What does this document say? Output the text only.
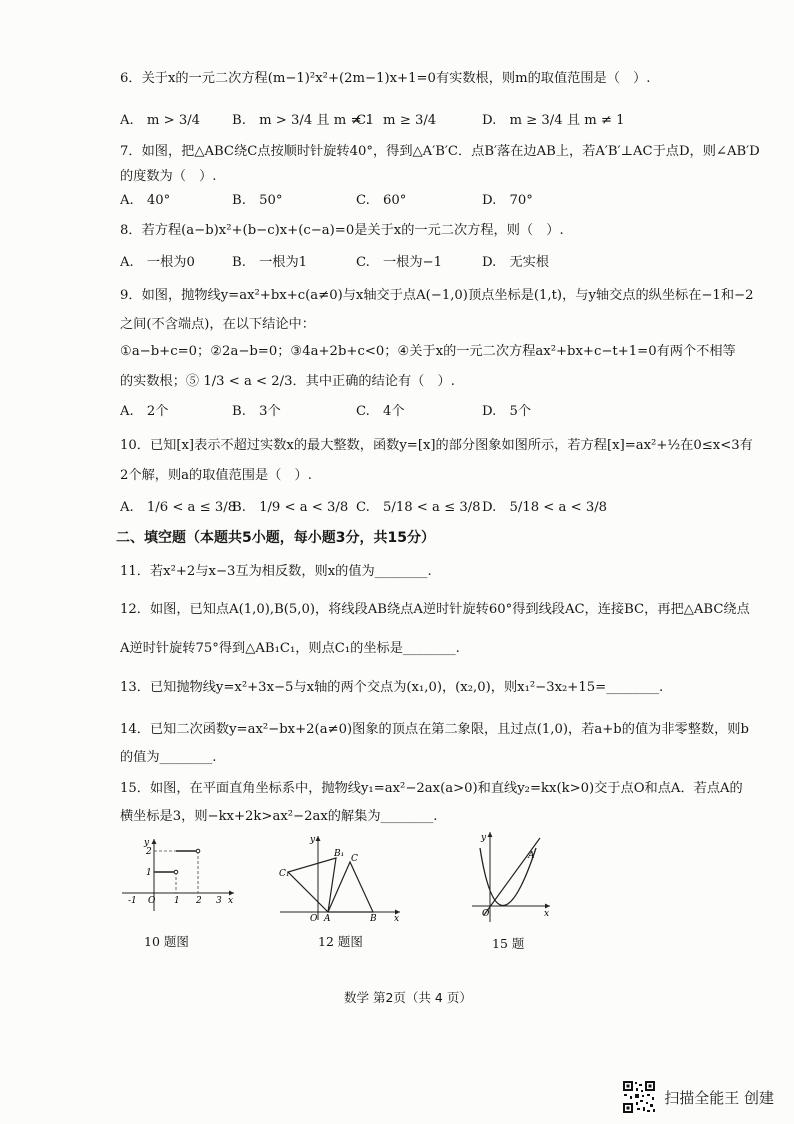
6．关于x的一元二次方程(m−1)²x²+(2m−1)x+1=0有实数根，则m的取值范围是（　）.
A.　m > 3/4 B.　m > 3/4 且 m ≠ 1
C.　m ≥ 3/4	D.　m ≥ 3/4 且 m ≠ 1
7．如图，把△ABC绕C点按顺时针旋转40°，得到△A′B′C．点B′落在边AB上，若A′B′⊥AC于点D，则∠AB′D
的度数为（　）.
A.　40°	B.　50°	C.　60°	D.　70°
8．若方程(a−b)x²+(b−c)x+(c−a)=0是关于x的一元二次方程，则（　）.
A.　一根为0	B.　一根为1	C.　一根为−1	D.　无实根
9．如图，抛物线y=ax²+bx+c(a≠0)与x轴交于点A(−1,0)顶点坐标是(1,t)，与y轴交点的纵坐标在−1和−2
之间(不含端点)，在以下结论中：
①a−b+c=0；②2a−b=0；③4a+2b+c<0；④关于x的一元二次方程ax²+bx+c−t+1=0有两个不相等
的实数根；⑤ 1/3 < a < 2/3．其中正确的结论有（　）.
A.　2个	B.　3个	C.　4个	D.　5个
10．已知[x]表示不超过实数x的最大整数，函数y=[x]的部分图象如图所示，若方程[x]=ax²+½在0≤x<3有
2个解，则a的取值范围是（　）.
A.　1/6 < a ≤ 3/8
B.　1/9 < a < 3/8 C.　5/18 < a ≤ 3/8 D.　5/18 < a < 3/8
二、填空题（本题共5小题，每小题3分，共15分）
11．若x²+2与x−3互为相反数，则x的值为________.
12．如图，已知点A(1,0),B(5,0)，将线段AB绕点A逆时针旋转60°得到线段AC，连接BC，再把△ABC绕点
A逆时针旋转75°得到△AB₁C₁，则点C₁的坐标是________.
13．已知抛物线y=x²+3x−5与x轴的两个交点为(x₁,0)，(x₂,0)，则x₁²−3x₂+15=________.
14．已知二次函数y=ax²−bx+2(a≠0)图象的顶点在第二象限，且过点(1,0)，若a+b的值为非零整数，则b
的值为________.
15．如图，在平面直角坐标系中，抛物线y₁=ax²−2ax(a>0)和直线y₂=kx(k>0)交于点O和点A．若点A的
横坐标是3，则−kx+2k>ax²−2ax的解集为________.
y
x
O
-1	1 2 3
1
2
10 题图
y
x
O A	B
C
B₁
C₁
12 题图
y
x
O
A
15 题
数学 第2页（共 4 页）
扫描全能王 创建
